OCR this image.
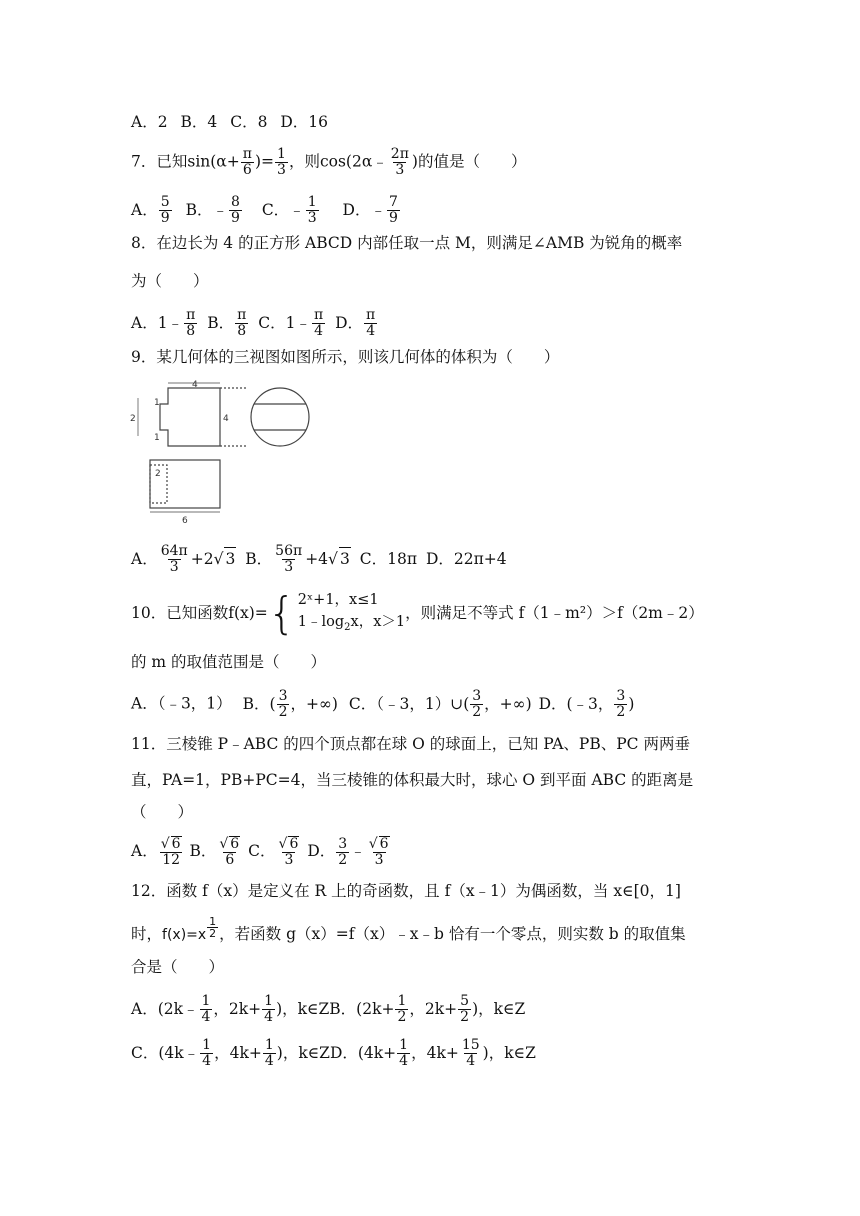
A．2 B．4 C．8 D．16
7．已知$\sin(\alpha+ \frac{\pi}{6}$ )= $\frac{1}{3}$ ，则cos(2α﹣ $\frac{2\pi}{3}$ )的值是（　　）
A． $\frac{5}{9}$ B．﹣ $\frac{8}{9}$ C．﹣ $\frac{1}{3}$ D．﹣ $\frac{7}{9}$
8．在边长为 4 的正方形 ABCD 内部任取一点 M，则满足∠AMB 为锐角的概率
为（　　）
A．1﹣ $\frac{\pi}{8}$ B． $\frac{\pi}{8}$ C．1﹣ $\frac{\pi}{4}$ D． $\frac{\pi}{4}$
9．某几何体的三视图如图所示，则该几何体的体积为（　　）
4
2	4
1
1
2
6
A． $\frac{64\pi}{3} +2√$ 3 B． $\frac{56\pi}{3} +4√$ 3 C．18π D．22π+4
10．已知函数f(x)= { 2ˣ+1，x≤1
$1﹣\log_2x$，x＞1
，则满足不等式 f（1﹣m²）＞f（2m﹣2）
的 m 的取值范围是（　　）
A．（﹣3，1） B．( $\frac{3}{2}$ ，+∞) C．（﹣3，1）∪( $\frac{3}{2}$ ，+∞) D．(﹣3， $\frac{3}{2}$ )
11．三棱锥 P﹣ABC 的四个顶点都在球 O 的球面上，已知 PA、PB、PC 两两垂
直，PA=1，PB+PC=4，当三棱锥的体积最大时，球心 O 到平面 ABC 的距离是
（　　）
A． $\frac{√ 6}{12}$ B． $\frac{√ 6}{6}$ C． $\frac{√ 6}{3}$ D． $\frac{3}{2}$ ﹣ $\frac{√ 6}{3}$
12．函数 f（x）是定义在 R 上的奇函数，且 f（x﹣1）为偶函数，当 x∈[0，1]
时，f(x)=x $^{\frac{1}{2}}$ ，若函数 g（x）=f（x）﹣x﹣b 恰有一个零点，则实数 b 的取值集
合是（　　）
A．(2k﹣ $\frac{1}{4}$ ，$2k+ \frac{1}{4}$ )，k∈ZB．($2k+ \frac{1}{2}$ ，$2k+ \frac{5}{2}$ )，k∈Z
C．(4k﹣ $\frac{1}{4}$ ，$4k+ \frac{1}{4}$ )，k∈ZD．($4k+ \frac{1}{4}$ ，$4k+ \frac{15}{4}$ )，k∈Z
